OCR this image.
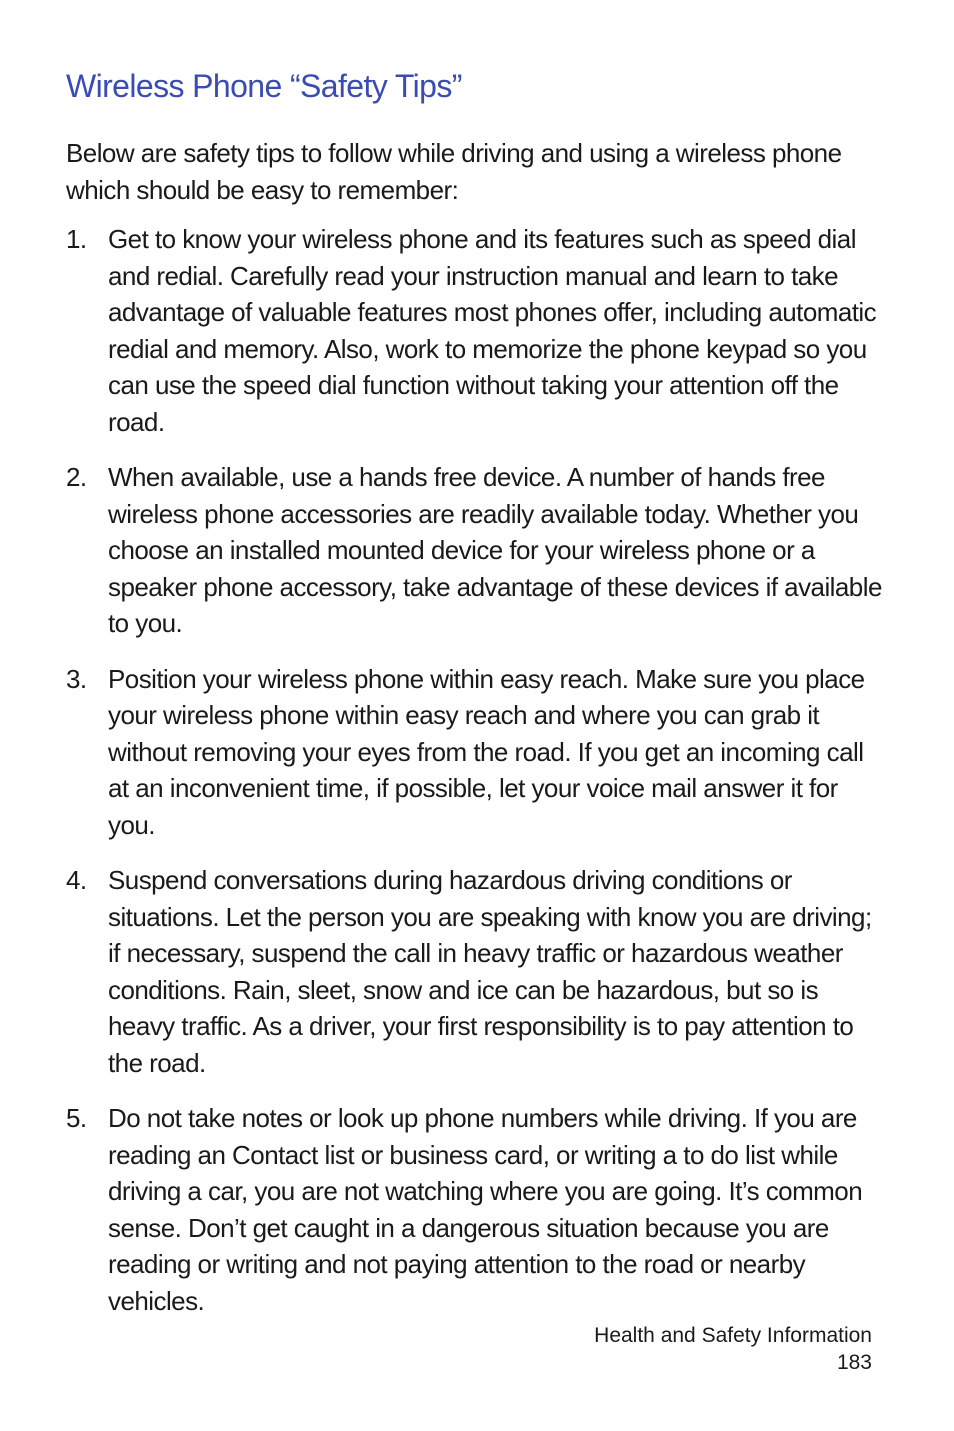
Wireless Phone “Safety Tips”

Below are safety tips to follow while driving and using a wireless phone which should be easy to remember:

1. Get to know your wireless phone and its features such as speed dial and redial. Carefully read your instruction manual and learn to take advantage of valuable features most phones offer, including automatic redial and memory. Also, work to memorize the phone keypad so you can use the speed dial function without taking your attention off the road.
2. When available, use a hands free device. A number of hands free wireless phone accessories are readily available today. Whether you choose an installed mounted device for your wireless phone or a speaker phone accessory, take advantage of these devices if available to you.
3. Position your wireless phone within easy reach. Make sure you place your wireless phone within easy reach and where you can grab it without removing your eyes from the road. If you get an incoming call at an inconvenient time, if possible, let your voice mail answer it for you.
4. Suspend conversations during hazardous driving conditions or situations. Let the person you are speaking with know you are driving; if necessary, suspend the call in heavy traffic or hazardous weather conditions. Rain, sleet, snow and ice can be hazardous, but so is heavy traffic. As a driver, your first responsibility is to pay attention to the road.
5. Do not take notes or look up phone numbers while driving. If you are reading an Contact list or business card, or writing a to do list while driving a car, you are not watching where you are going. It’s common sense. Don’t get caught in a dangerous situation because you are reading or writing and not paying attention to the road or nearby vehicles.
Health and Safety Information
183
